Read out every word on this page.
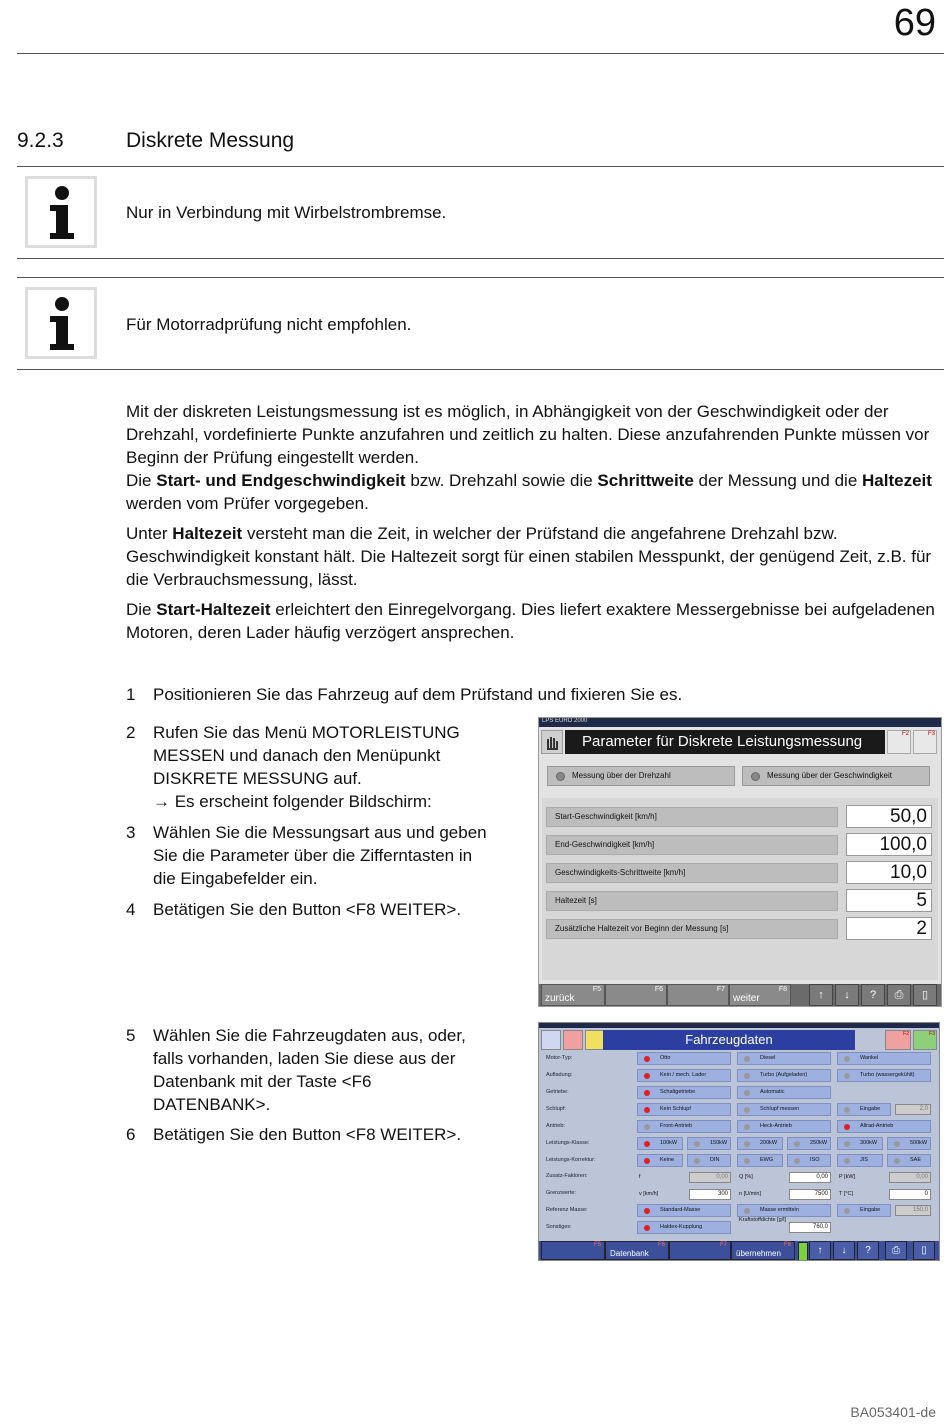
69
9.2.3	Diskrete Messung
Nur in Verbindung mit Wirbelstrombremse.
Für Motorradprüfung nicht empfohlen.

Mit der diskreten Leistungsmessung ist es möglich, in Abhängigkeit von der Geschwindigkeit oder der Drehzahl, vordefinierte Punkte anzufahren und zeitlich zu halten. Diese anzufahrenden Punkte müssen vor Beginn der Prüfung eingestellt werden.
Die Start- und Endgeschwindigkeit bzw. Drehzahl sowie die Schrittweite der Messung und die Haltezeit werden vom Prüfer vorgegeben.

Unter Haltezeit versteht man die Zeit, in welcher der Prüfstand die angefahrene Drehzahl bzw. Geschwindigkeit konstant hält. Die Haltezeit sorgt für einen stabilen Messpunkt, der genügend Zeit, z.B. für die Verbrauchsmessung, lässt.

Die Start-Haltezeit erleichtert den Einregelvorgang. Dies liefert exaktere Messergebnisse bei aufgeladenen Motoren, deren Lader häufig verzögert ansprechen.

1 Positionieren Sie das Fahrzeug auf dem Prüfstand und fixieren Sie es.
2 Rufen Sie das Menü MOTORLEISTUNG
MESSEN und danach den Menüpunkt
DISKRETE MESSUNG auf.
→ Es erscheint folgender Bildschirm:
3 Wählen Sie die Messungsart aus und geben
Sie die Parameter über die Zifferntasten in
die Eingabefelder ein.
4 Betätigen Sie den Button <F8 WEITER>.
5 Wählen Sie die Fahrzeugdaten aus, oder,
falls vorhanden, laden Sie diese aus der
Datenbank mit der Taste <F6
DATENBANK>.
6 Betätigen Sie den Button <F8 WEITER>.
LPS EURO 2000
Parameter für Diskrete Leistungsmessung	F2	F3
Messung über der Drehzahl	Messung über der Geschwindigkeit
Start-Geschwindigkeit [km/h]	50,0
End-Geschwindigkeit [km/h]	100,0
Geschwindigkeits-Schrittweite [km/h]	10,0
Haltezeit [s]	5
Zusätzliche Haltezeit vor Beginn der Messung [s]	2
zurück
F5	F6	F7
weiter
F8	↑	↓	?	⎙	▯
Fahrzeugdaten	F2	F3
Motor-Typ:	Otto	Diesel	Wankel
Aufladung:	Kein / mech. Lader	Turbo (Aufgeladen)	Turbo (wassergekühlt)
Getriebe:	Schaltgetriebe	Automatic
Schlupf:	Kein Schlupf	Schlupf messen	Eingabe	2,0
Antrieb:	Front-Antrieb	Heck-Antrieb	Allrad-Antrieb
Leistungs-Klasse:	100kW	150kW	200kW	250kW	300kW	500kW
Leistungs-Korrektur:	Keine	DIN	EWG	ISO	JIS	SAE
Zusatz-Faktoren:	f	0,00	Q [%]	0,00	P [kW]	0,00
Grenzwerte:	v [km/h]	300	n [U/min]	7500	T [°C]	0
Referenz Masse:	Standard-Masse	Masse ermitteln	Eingabe	150,0
Sonstiges:	Haldex-Kupplung
Kraftstoffdichte [g/l]
760,0
F5
Datenbank
F6	F7
übernehmen
F8	↑	↓	?	⎙	▯
BA053401-de
